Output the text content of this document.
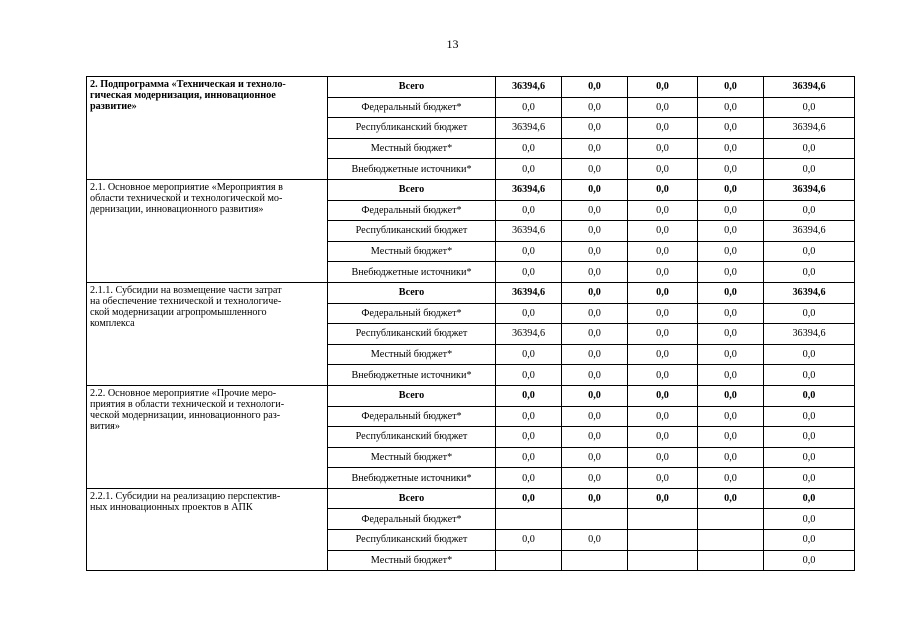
13
2. Подпрограмма «Техническая и техноло-
гическая модернизация, инновационное
развитие»	Всего	36394,6	0,0	0,0	0,0	36394,6
	Федеральный бюджет*	0,0	0,0	0,0	0,0	0,0
	Республиканский бюджет	36394,6	0,0	0,0	0,0	36394,6
	Местный бюджет*	0,0	0,0	0,0	0,0	0,0
	Внебюджетные источники*	0,0	0,0	0,0	0,0	0,0
2.1. Основное мероприятие «Мероприятия в
области технической и технологической мо-
дернизации, инновационного развития»	Всего	36394,6	0,0	0,0	0,0	36394,6
	Федеральный бюджет*	0,0	0,0	0,0	0,0	0,0
	Республиканский бюджет	36394,6	0,0	0,0	0,0	36394,6
	Местный бюджет*	0,0	0,0	0,0	0,0	0,0
	Внебюджетные источники*	0,0	0,0	0,0	0,0	0,0
2.1.1. Субсидии на возмещение части затрат
на обеспечение технической и технологиче-
ской модернизации агропромышленного
комплекса	Всего	36394,6	0,0	0,0	0,0	36394,6
	Федеральный бюджет*	0,0	0,0	0,0	0,0	0,0
	Республиканский бюджет	36394,6	0,0	0,0	0,0	36394,6
	Местный бюджет*	0,0	0,0	0,0	0,0	0,0
	Внебюджетные источники*	0,0	0,0	0,0	0,0	0,0
2.2. Основное мероприятие «Прочие меро-
приятия в области технической и технологи-
ческой модернизации, инновационного раз-
вития»	Всего	0,0	0,0	0,0	0,0	0,0
	Федеральный бюджет*	0,0	0,0	0,0	0,0	0,0
	Республиканский бюджет	0,0	0,0	0,0	0,0	0,0
	Местный бюджет*	0,0	0,0	0,0	0,0	0,0
	Внебюджетные источники*	0,0	0,0	0,0	0,0	0,0
2.2.1. Субсидии на реализацию перспектив-
ных инновационных проектов в АПК	Всего	0,0	0,0	0,0	0,0	0,0
	Федеральный бюджет*					0,0
	Республиканский бюджет	0,0	0,0			0,0
	Местный бюджет*					0,0
